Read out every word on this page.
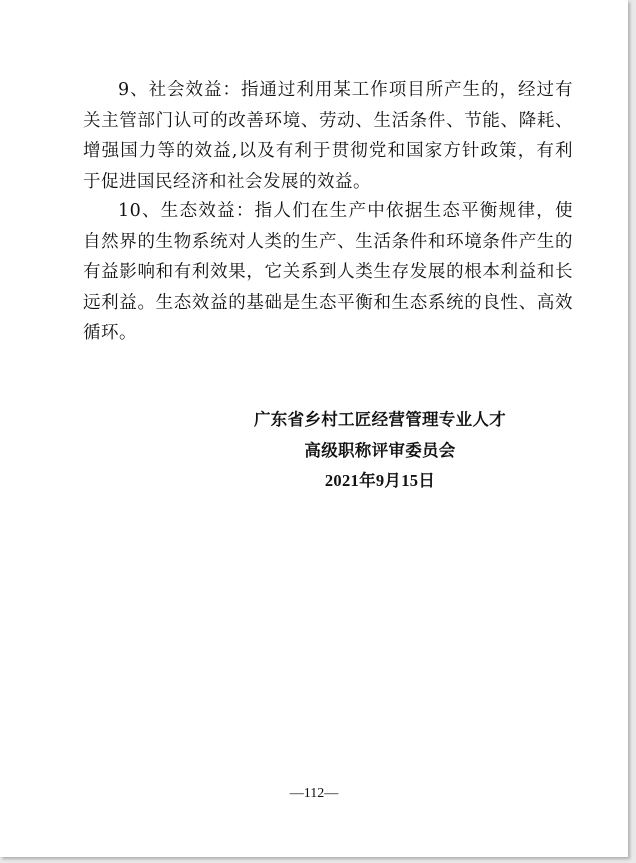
9、社会效益：指通过利用某工作项目所产生的，经过有关主管部门认可的改善环境、劳动、生活条件、节能、降耗、增强国力等的效益,以及有利于贯彻党和国家方针政策，有利于促进国民经济和社会发展的效益。

10、生态效益：指人们在生产中依据生态平衡规律，使自然界的生物系统对人类的生产、生活条件和环境条件产生的有益影响和有利效果，它关系到人类生存发展的根本利益和长远利益。生态效益的基础是生态平衡和生态系统的良性、高效循环。

广东省乡村工匠经营管理专业人才

高级职称评审委员会

2021年9月15日

—112—
